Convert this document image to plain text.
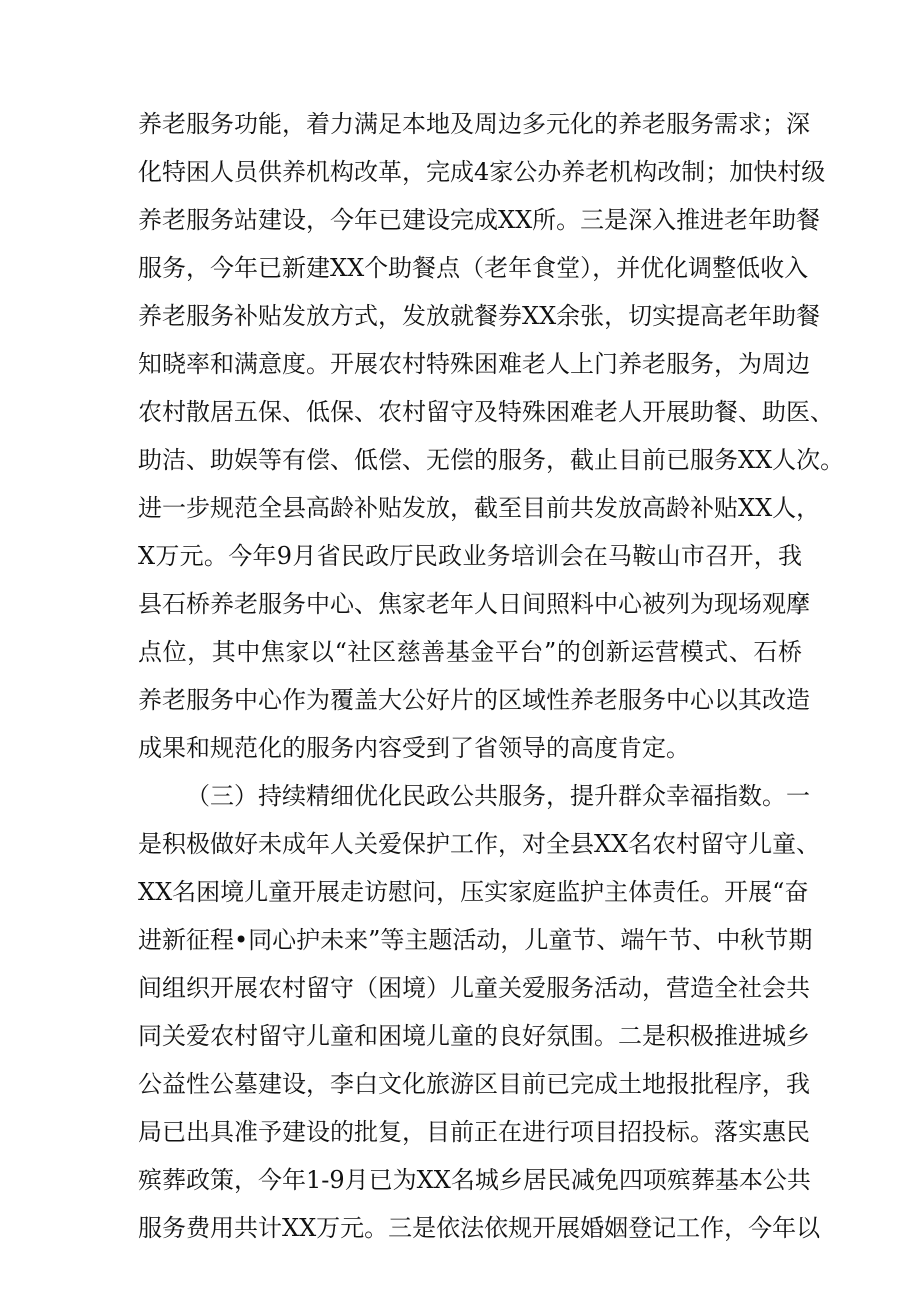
养老服务功能，着力满足本地及周边多元化的养老服务需求；深
化特困人员供养机构改革，完成4家公办养老机构改制；加快村级
养老服务站建设，今年已建设完成XX所。三是深入推进老年助餐
服务，今年已新建XX个助餐点（老年食堂），并优化调整低收入
养老服务补贴发放方式，发放就餐券XX余张，切实提高老年助餐
知晓率和满意度。开展农村特殊困难老人上门养老服务，为周边
农村散居五保、低保、农村留守及特殊困难老人开展助餐、助医、
助洁、助娱等有偿、低偿、无偿的服务，截止目前已服务XX人次。
进一步规范全县高龄补贴发放，截至目前共发放高龄补贴XX人，
X万元。今年9月省民政厅民政业务培训会在马鞍山市召开，我
县石桥养老服务中心、焦家老年人日间照料中心被列为现场观摩
点位，其中焦家以“社区慈善基金平台”的创新运营模式、石桥
养老服务中心作为覆盖大公好片的区域性养老服务中心以其改造
成果和规范化的服务内容受到了省领导的高度肯定。
（三）持续精细优化民政公共服务，提升群众幸福指数。一
是积极做好未成年人关爱保护工作，对全县XX名农村留守儿童、
XX名困境儿童开展走访慰问，压实家庭监护主体责任。开展“奋
进新征程•同心护未来”等主题活动，儿童节、端午节、中秋节期
间组织开展农村留守（困境）儿童关爱服务活动，营造全社会共
同关爱农村留守儿童和困境儿童的良好氛围。二是积极推进城乡
公益性公墓建设，李白文化旅游区目前已完成土地报批程序，我
局已出具准予建设的批复，目前正在进行项目招投标。落实惠民
殡葬政策，今年1-9月已为XX名城乡居民减免四项殡葬基本公共
服务费用共计XX万元。三是依法依规开展婚姻登记工作，今年以
